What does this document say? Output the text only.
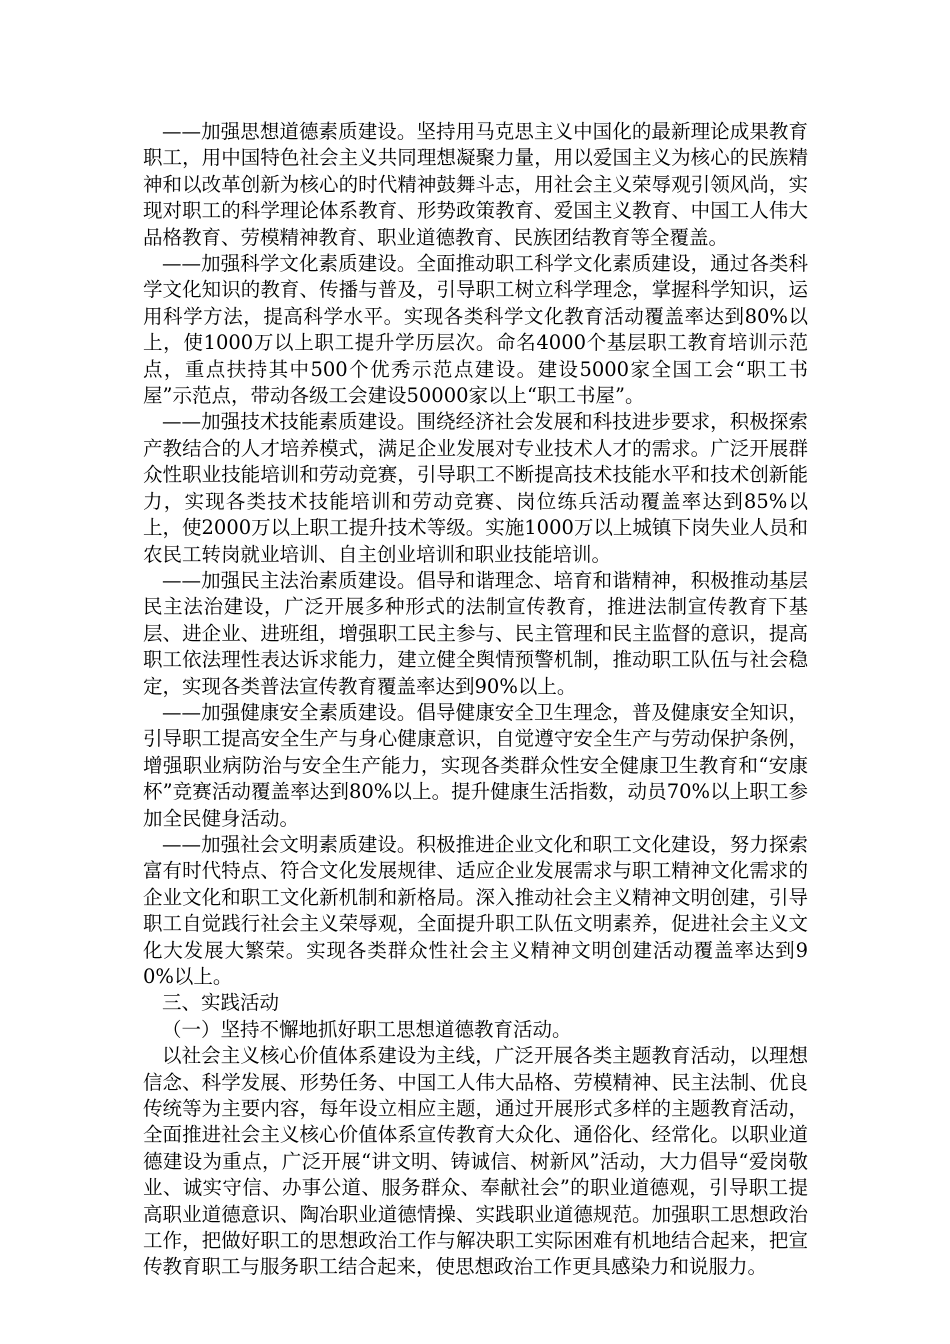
——加强思想道德素质建设。坚持用马克思主义中国化的最新理论成果教育职工，用中国特色社会主义共同理想凝聚力量，用以爱国主义为核心的民族精神和以改革创新为核心的时代精神鼓舞斗志，用社会主义荣辱观引领风尚，实现对职工的科学理论体系教育、形势政策教育、爱国主义教育、中国工人伟大品格教育、劳模精神教育、职业道德教育、民族团结教育等全覆盖。

——加强科学文化素质建设。全面推动职工科学文化素质建设，通过各类科学文化知识的教育、传播与普及，引导职工树立科学理念，掌握科学知识，运用科学方法，提高科学水平。实现各类科学文化教育活动覆盖率达到80%以上，使1000万以上职工提升学历层次。命名4000个基层职工教育培训示范点，重点扶持其中500个优秀示范点建设。建设5000家全国工会“职工书屋”示范点，带动各级工会建设50000家以上“职工书屋”。

——加强技术技能素质建设。围绕经济社会发展和科技进步要求，积极探索产教结合的人才培养模式，满足企业发展对专业技术人才的需求。广泛开展群众性职业技能培训和劳动竞赛，引导职工不断提高技术技能水平和技术创新能力，实现各类技术技能培训和劳动竞赛、岗位练兵活动覆盖率达到85%以上，使2000万以上职工提升技术等级。实施1000万以上城镇下岗失业人员和农民工转岗就业培训、自主创业培训和职业技能培训。

——加强民主法治素质建设。倡导和谐理念、培育和谐精神，积极推动基层民主法治建设，广泛开展多种形式的法制宣传教育，推进法制宣传教育下基层、进企业、进班组，增强职工民主参与、民主管理和民主监督的意识，提高职工依法理性表达诉求能力，建立健全舆情预警机制，推动职工队伍与社会稳定，实现各类普法宣传教育覆盖率达到90%以上。

——加强健康安全素质建设。倡导健康安全卫生理念，普及健康安全知识，引导职工提高安全生产与身心健康意识，自觉遵守安全生产与劳动保护条例，增强职业病防治与安全生产能力，实现各类群众性安全健康卫生教育和“安康杯”竞赛活动覆盖率达到80%以上。提升健康生活指数，动员70%以上职工参加全民健身活动。

——加强社会文明素质建设。积极推进企业文化和职工文化建设，努力探索富有时代特点、符合文化发展规律、适应企业发展需求与职工精神文化需求的企业文化和职工文化新机制和新格局。深入推动社会主义精神文明创建，引导职工自觉践行社会主义荣辱观，全面提升职工队伍文明素养，促进社会主义文化大发展大繁荣。实现各类群众性社会主义精神文明创建活动覆盖率达到90%以上。

三、实践活动

（一）坚持不懈地抓好职工思想道德教育活动。

以社会主义核心价值体系建设为主线，广泛开展各类主题教育活动，以理想信念、科学发展、形势任务、中国工人伟大品格、劳模精神、民主法制、优良传统等为主要内容，每年设立相应主题，通过开展形式多样的主题教育活动，全面推进社会主义核心价值体系宣传教育大众化、通俗化、经常化。以职业道德建设为重点，广泛开展“讲文明、铸诚信、树新风”活动，大力倡导“爱岗敬业、诚实守信、办事公道、服务群众、奉献社会”的职业道德观，引导职工提高职业道德意识、陶冶职业道德情操、实践职业道德规范。加强职工思想政治工作，把做好职工的思想政治工作与解决职工实际困难有机地结合起来，把宣传教育职工与服务职工结合起来，使思想政治工作更具感染力和说服力。
